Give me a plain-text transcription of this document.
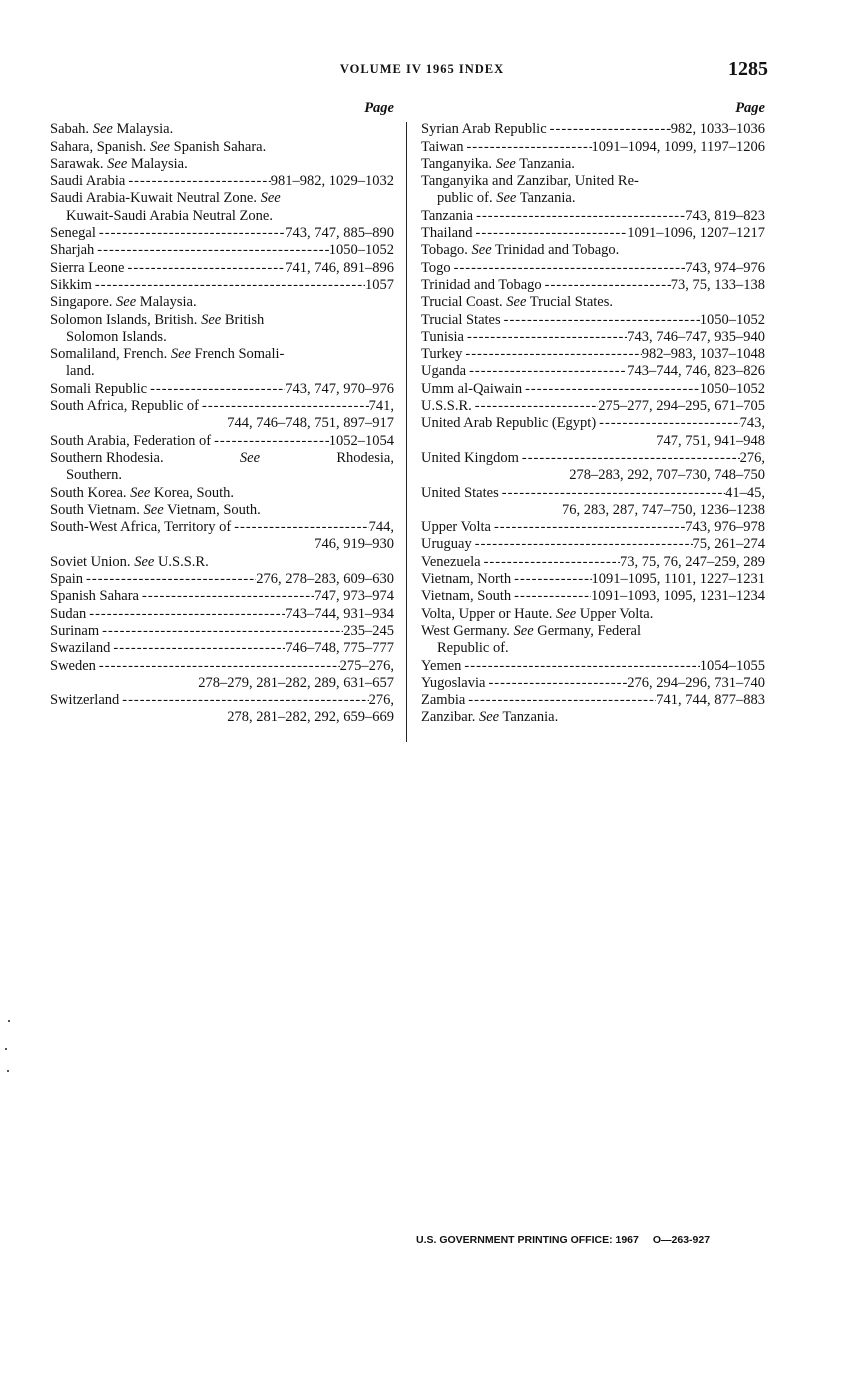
VOLUME IV 1965 INDEX	1285
Page
Sabah. See Malaysia.
Sahara, Spanish. See Spanish Sahara.
Sarawak. See Malaysia.
Saudi Arabia -----	981–982, 1029–1032
Saudi Arabia-Kuwait Neutral Zone. See
Kuwait-Saudi Arabia Neutral Zone.
Senegal -----	743, 747, 885–890
Sharjah -----	1050–1052
Sierra Leone -----	741, 746, 891–896
Sikkim -----	1057
Singapore. See Malaysia.
Solomon Islands, British. See British
Solomon Islands.
Somaliland, French. See French Somali-
land.
Somali Republic -----	743, 747, 970–976
South Africa, Republic of -----	741,
744, 746–748, 751, 897–917
South Arabia, Federation of -----	1052–1054
Southern Rhodesia.	See	Rhodesia,
Southern.
South Korea. See Korea, South.
South Vietnam. See Vietnam, South.
South-West Africa, Territory of -----	744,
746, 919–930
Soviet Union. See U.S.S.R.
Spain -----	276, 278–283, 609–630
Spanish Sahara -----	747, 973–974
Sudan -----	743–744, 931–934
Surinam -----	235–245
Swaziland -----	746–748, 775–777
Sweden -----	275–276,
278–279, 281–282, 289, 631–657
Switzerland -----	276,
278, 281–282, 292, 659–669
Page
Syrian Arab Republic -----	982, 1033–1036
Taiwan -----	1091–1094, 1099, 1197–1206
Tanganyika. See Tanzania.
Tanganyika and Zanzibar, United Re-
public of. See Tanzania.
Tanzania -----	743, 819–823
Thailand -----	1091–1096, 1207–1217
Tobago. See Trinidad and Tobago.
Togo -----	743, 974–976
Trinidad and Tobago -----	73, 75, 133–138
Trucial Coast. See Trucial States.
Trucial States -----	1050–1052
Tunisia -----	743, 746–747, 935–940
Turkey -----	982–983, 1037–1048
Uganda -----	743–744, 746, 823–826
Umm al-Qaiwain -----	1050–1052
U.S.S.R. -----	275–277, 294–295, 671–705
United Arab Republic (Egypt) -----	743,
747, 751, 941–948
United Kingdom -----	276,
278–283, 292, 707–730, 748–750
United States -----	41–45,
76, 283, 287, 747–750, 1236–1238
Upper Volta -----	743, 976–978
Uruguay -----	75, 261–274
Venezuela -----	73, 75, 76, 247–259, 289
Vietnam, North -----	1091–1095, 1101, 1227–1231
Vietnam, South -----	1091–1093, 1095, 1231–1234
Volta, Upper or Haute. See Upper Volta.
West Germany. See Germany, Federal
Republic of.
Yemen -----	1054–1055
Yugoslavia -----	276, 294–296, 731–740
Zambia -----	741, 744, 877–883
Zanzibar. See Tanzania.
U.S. GOVERNMENT PRINTING OFFICE: 1967 O—263-927
